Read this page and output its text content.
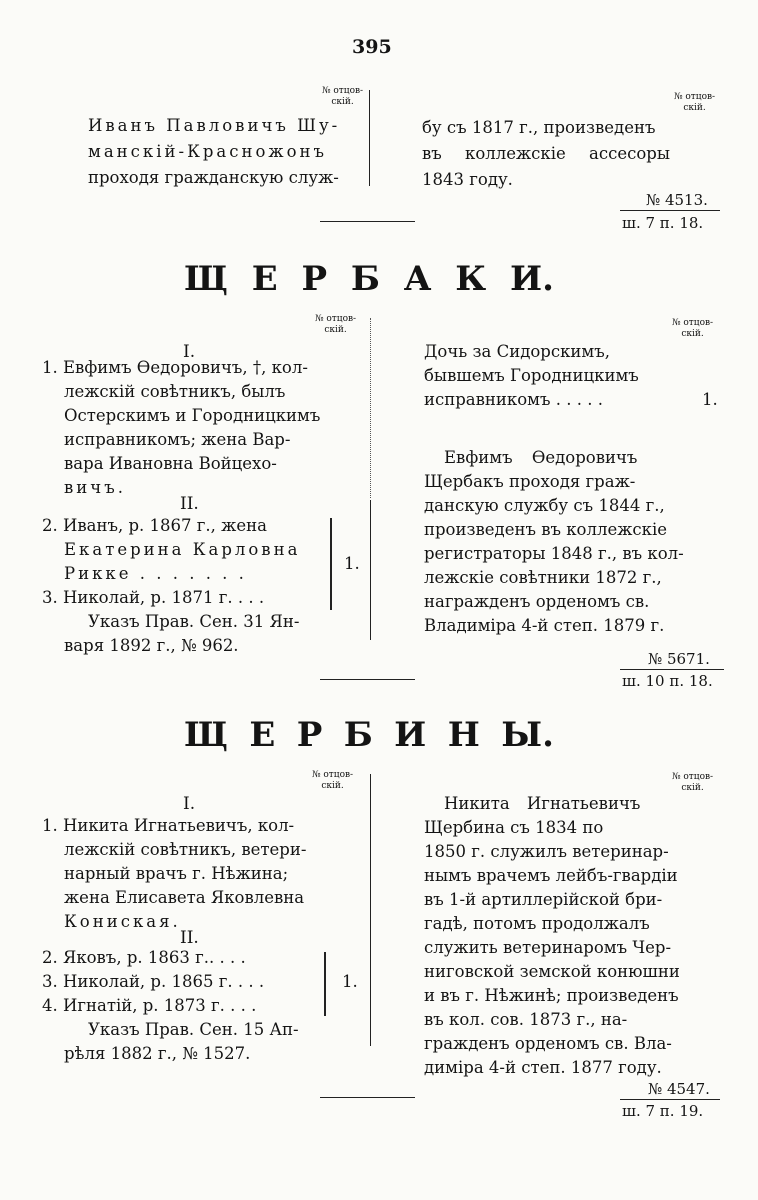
395
№ отцов-
скій.	№ отцов-
скій.
Иванъ Павловичъ Шу-
манскій-Красножонъ
проходя гражданскую служ-
бу съ 1817 г., произведенъ
въ коллежскіе ассесоры
1843 году.
№ 4513.
ш. 7 п. 18.
Щ Е Р Б А К И.
№ отцов-
скій.
№ отцов-
скій.
I.
1. Евфимъ Өедоровичъ, †, кол-
лежскій совѣтникъ, былъ
Остерскимъ и Городницкимъ
исправникомъ; жена Вар-
вара Ивановна Войцехо-
вичъ.
II.
2. Иванъ, р. 1867 г., жена
Екатерина Карловна
Рикке . . . . . . .
3. Николай, р. 1871 г. . . .
1.
Указъ Прав. Сен. 31 Ян-
варя 1892 г., № 962.
Дочь за Сидорскимъ,
бывшемъ Городницкимъ
исправникомъ . . . . .	1.
Евфимъ Өедоровичъ
Щербакъ проходя граж-
данскую службу съ 1844 г.,
произведенъ въ коллежскіе
регистраторы 1848 г., въ кол-
лежскіе совѣтники 1872 г.,
награжденъ орденомъ св.
Владиміра 4-й степ. 1879 г.
№ 5671.
ш. 10 п. 18.
Щ Е Р Б И Н Ы.
№ отцов-
скій.
№ отцов-
скій.
I.
1. Никита Игнатьевичъ, кол-
лежскій совѣтникъ, ветери-
нарный врачъ г. Нѣжина;
жена Елисавета Яковлевна
Кониская.
II.
2. Яковъ, р. 1863 г.. . . .
3. Николай, р. 1865 г. . . .
4. Игнатій, р. 1873 г. . . .
1.
Указъ Прав. Сен. 15 Ап-
рѣля 1882 г., № 1527.
Никита Игнатьевичъ
Щербина съ 1834 по
1850 г. служилъ ветеринар-
нымъ врачемъ лейбъ-гвардіи
въ 1-й артиллерійской бри-
гадѣ, потомъ продолжалъ
служить ветеринаромъ Чер-
ниговской земской конюшни
и въ г. Нѣжинѣ; произведенъ
въ кол. сов. 1873 г., на-
гражденъ орденомъ св. Вла-
диміра 4-й степ. 1877 году.
№ 4547.
ш. 7 п. 19.
